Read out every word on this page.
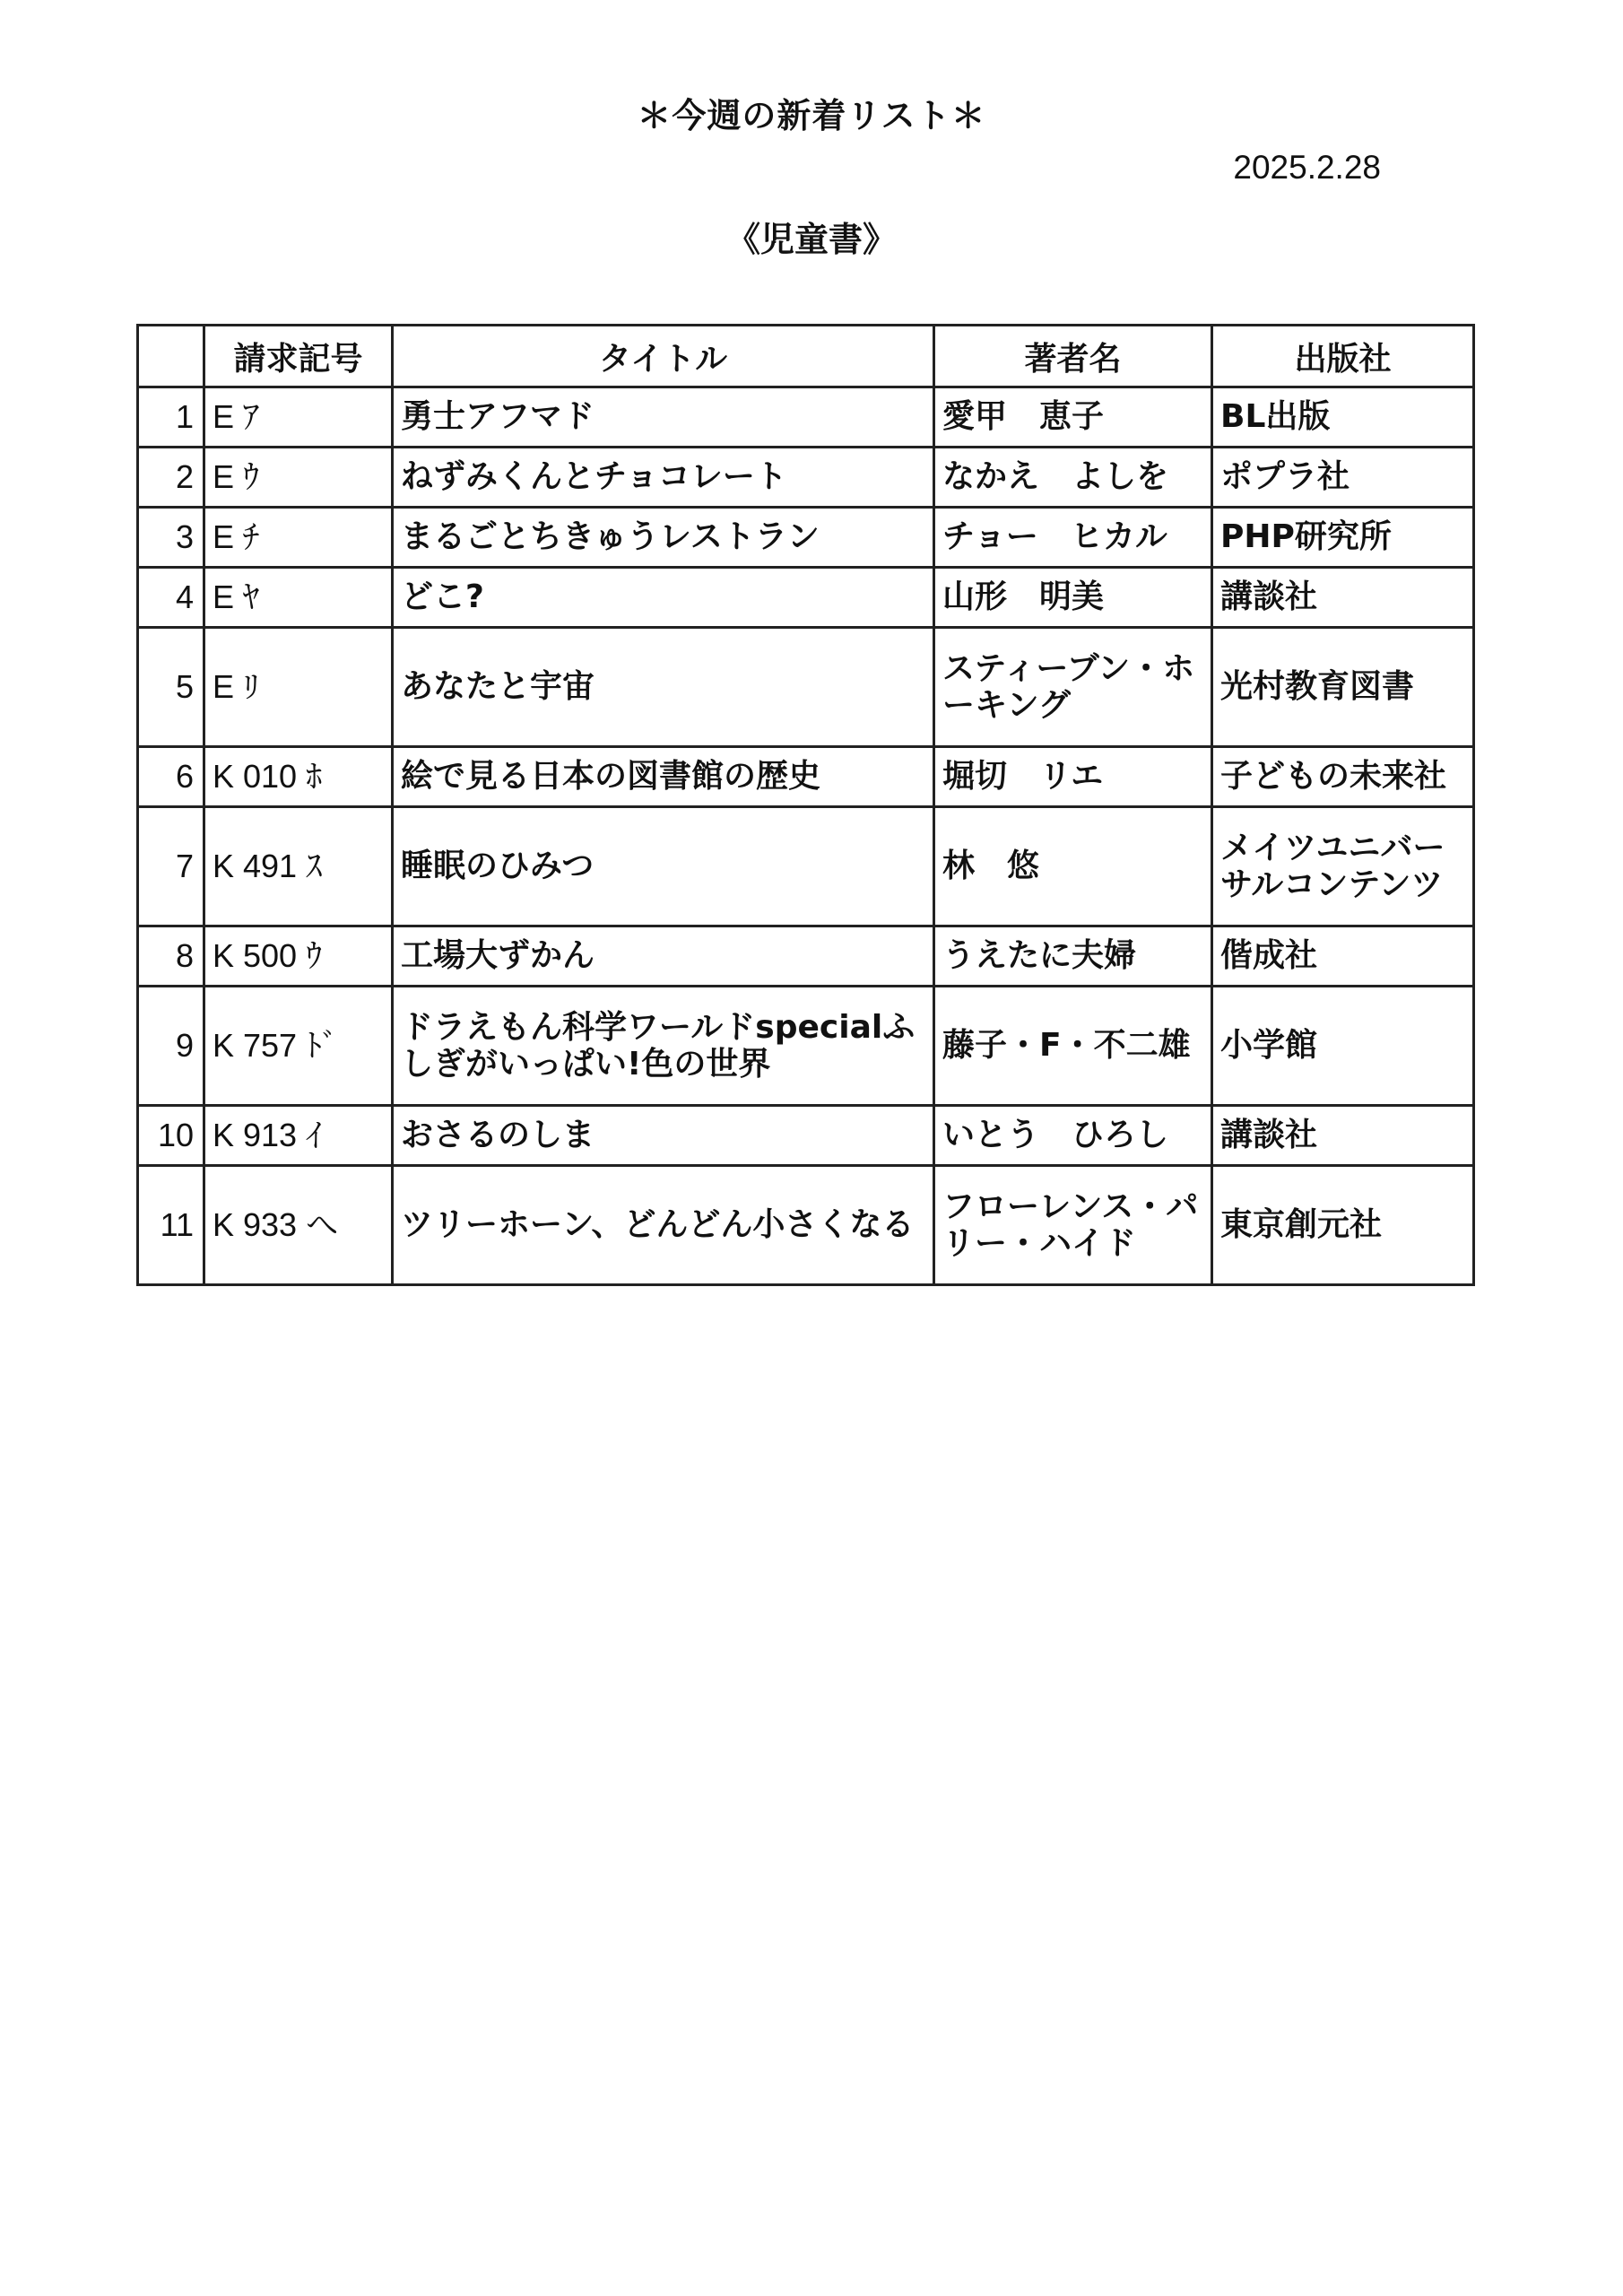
＊今週の新着リスト＊
2025.2.28
《児童書》
	請求記号	タイトル	著者名	出版社
1	E ｱ	勇士アフマド	愛甲　恵子	BL出版
2	E ｳ	ねずみくんとチョコレート	なかえ　よしを	ポプラ社
3	E ﾁ	まるごとちきゅうレストラン	チョー　ヒカル	PHP研究所
4	E ﾔ	どこ?	山形　明美	講談社
5	E ﾘ	あなたと宇宙	スティーブン・ホーキング	光村教育図書
6	K 010 ﾎ	絵で見る日本の図書館の歴史	堀切　リエ	子どもの未来社
7	K 491 ｽ	睡眠のひみつ	林　悠	メイツユニバーサルコンテンツ
8	K 500 ｳ	工場大ずかん	うえたに夫婦	偕成社
9	K 757 ﾄﾞ	ドラえもん科学ワールドspecialふしぎがいっぱい!色の世界	藤子・F・不二雄	小学館
10	K 913 ｲ	おさるのしま	いとう　ひろし	講談社
11	K 933 へ	ツリーホーン、どんどん小さくなる	フローレンス・パリー・ハイド	東京創元社
